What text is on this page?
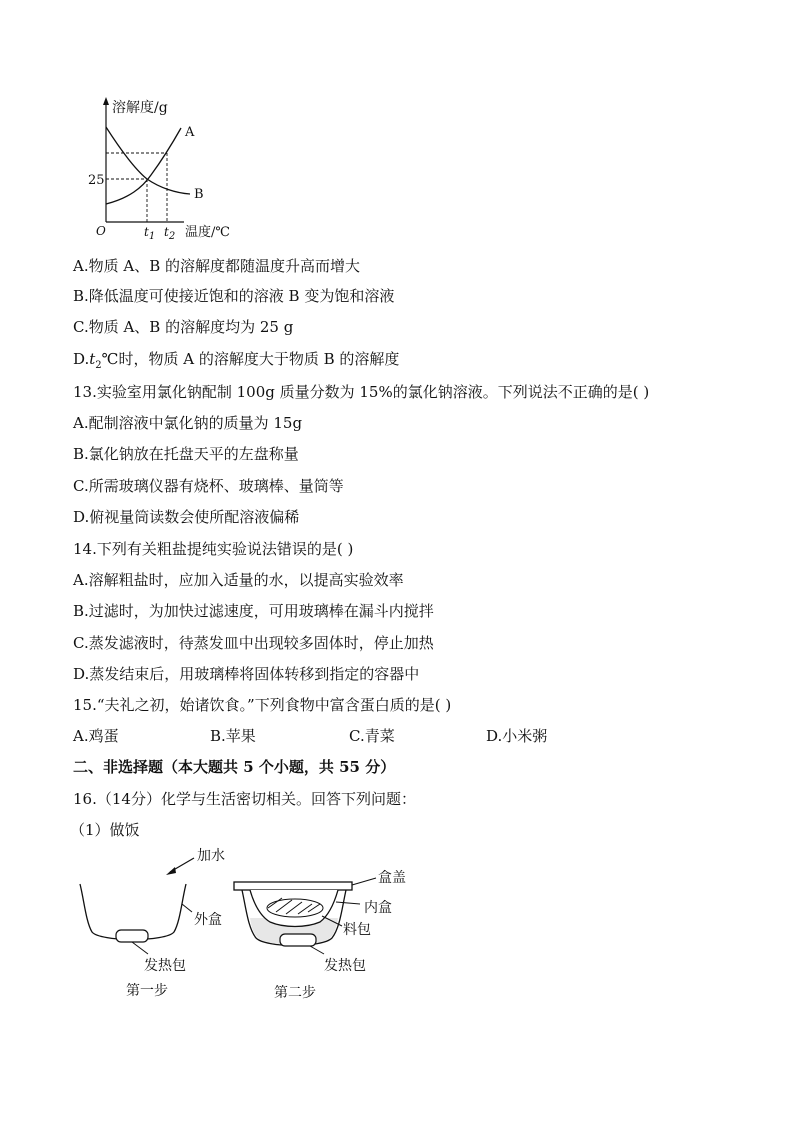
溶解度/g
A
B
25
O	$t_1$ $t_2$ 温度/℃
A.物质 A、B 的溶解度都随温度升高而增大
B.降低温度可使接近饱和的溶液 B 变为饱和溶液
C.物质 A、B 的溶解度均为 25 g
$D.t_2℃$时，物质 A 的溶解度大于物质 B 的溶解度
13.实验室用氯化钠配制 100g 质量分数为 15%的氯化钠溶液。下列说法不正确的是( )
A.配制溶液中氯化钠的质量为 15g
B.氯化钠放在托盘天平的左盘称量
C.所需玻璃仪器有烧杯、玻璃棒、量筒等
D.俯视量筒读数会使所配溶液偏稀
14.下列有关粗盐提纯实验说法错误的是( )
A.溶解粗盐时，应加入适量的水，以提高实验效率
B.过滤时，为加快过滤速度，可用玻璃棒在漏斗内搅拌
C.蒸发滤液时，待蒸发皿中出现较多固体时，停止加热
D.蒸发结束后，用玻璃棒将固体转移到指定的容器中
15.“夫礼之初，始诸饮食。”下列食物中富含蛋白质的是( )
A.鸡蛋	B.苹果	C.青菜	D.小米粥
二、非选择题（本大题共 5 个小题，共 55 分）
16.（14分）化学与生活密切相关。回答下列问题：
（1）做饭
加水
外盒
发热包
第一步
盒盖
内盒
料包
发热包
第二步
